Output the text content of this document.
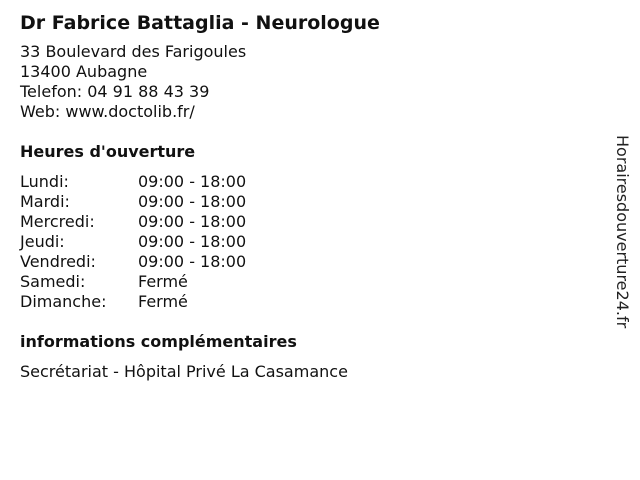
Dr Fabrice Battaglia - Neurologue
33 Boulevard des Farigoules
13400 Aubagne
Telefon: 04 91 88 43 39
Web: www.doctolib.fr/
Heures d'ouverture
Lundi:	09:00 - 18:00
Mardi:	09:00 - 18:00
Mercredi:	09:00 - 18:00
Jeudi:	09:00 - 18:00
Vendredi:	09:00 - 18:00
Samedi:	Fermé
Dimanche:	Fermé
informations complémentaires
Secrétariat - Hôpital Privé La Casamance
Horairesdouverture24.fr
